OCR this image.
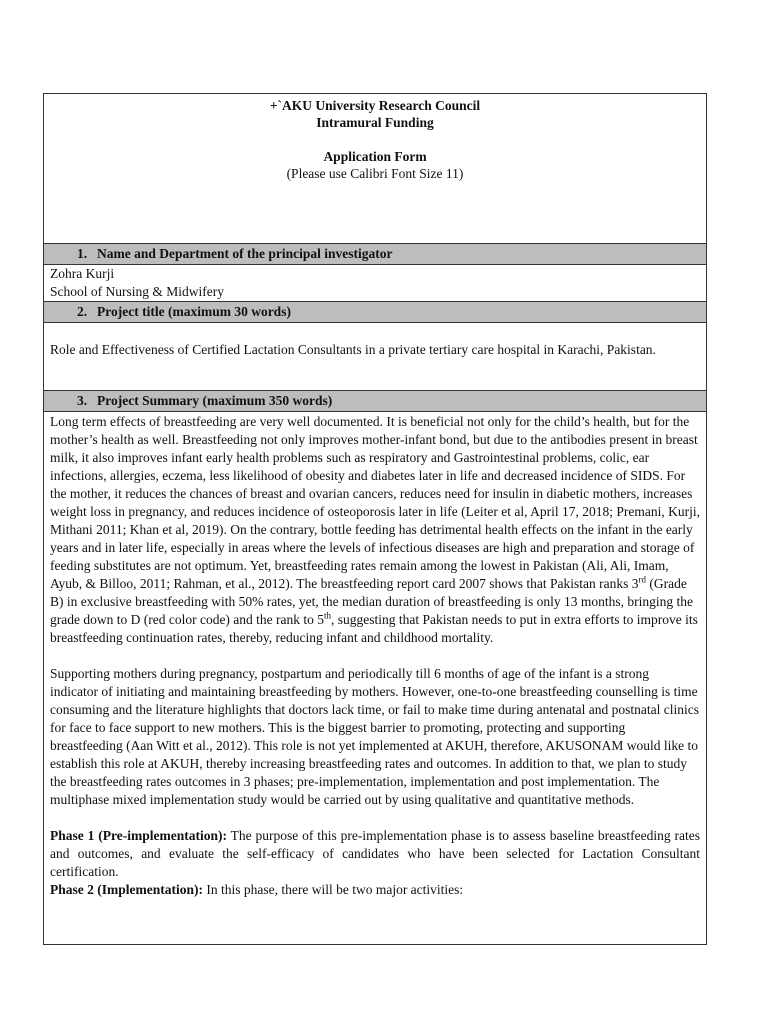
+`AKU University Research Council
Intramural Funding
Application Form
(Please use Calibri Font Size 11)
1. Name and Department of the principal investigator
Zohra Kurji
School of Nursing & Midwifery
2. Project title (maximum 30 words)
Role and Effectiveness of Certified Lactation Consultants in a private tertiary care hospital in Karachi, Pakistan.
3. Project Summary (maximum 350 words)

Long term effects of breastfeeding are very well documented. It is beneficial not only for the child’s health, but for the mother’s health as well. Breastfeeding not only improves mother-infant bond, but due to the antibodies present in breast milk, it also improves infant early health problems such as respiratory and Gastrointestinal problems, colic, ear infections, allergies, eczema, less likelihood of obesity and diabetes later in life and decreased incidence of SIDS. For the mother, it reduces the chances of breast and ovarian cancers, reduces need for insulin in diabetic mothers, increases weight loss in pregnancy, and reduces incidence of osteoporosis later in life (Leiter et al, April 17, 2018; Premani, Kurji, Mithani 2011; Khan et al, 2019). On the contrary, bottle feeding has detrimental health effects on the infant in the early years and in later life, especially in areas where the levels of infectious diseases are high and preparation and storage of feeding substitutes are not optimum. Yet, breastfeeding rates remain among the lowest in Pakistan (Ali, Ali, Imam, Ayub, & Billoo, 2011; Rahman, et al., 2012). The breastfeeding report card 2007 shows that Pakistan ranks 3rd (Grade B) in exclusive breastfeeding with 50% rates, yet, the median duration of breastfeeding is only 13 months, bringing the grade down to D (red color code) and the rank to 5th, suggesting that Pakistan needs to put in extra efforts to improve its breastfeeding continuation rates, thereby, reducing infant and childhood mortality.

Supporting mothers during pregnancy, postpartum and periodically till 6 months of age of the infant is a strong indicator of initiating and maintaining breastfeeding by mothers. However, one-to-one breastfeeding counselling is time consuming and the literature highlights that doctors lack time, or fail to make time during antenatal and postnatal clinics for face to face support to new mothers. This is the biggest barrier to promoting, protecting and supporting breastfeeding (Aan Witt et al., 2012). This role is not yet implemented at AKUH, therefore, AKUSONAM would like to establish this role at AKUH, thereby increasing breastfeeding rates and outcomes. In addition to that, we plan to study the breastfeeding rates outcomes in 3 phases; pre-implementation, implementation and post implementation. The multiphase mixed implementation study would be carried out by using qualitative and quantitative methods.

Phase 1 (Pre-implementation): The purpose of this pre-implementation phase is to assess baseline breastfeeding rates and outcomes, and evaluate the self-efficacy of candidates who have been selected for Lactation Consultant certification.
Phase 2 (Implementation): In this phase, there will be two major activities:
